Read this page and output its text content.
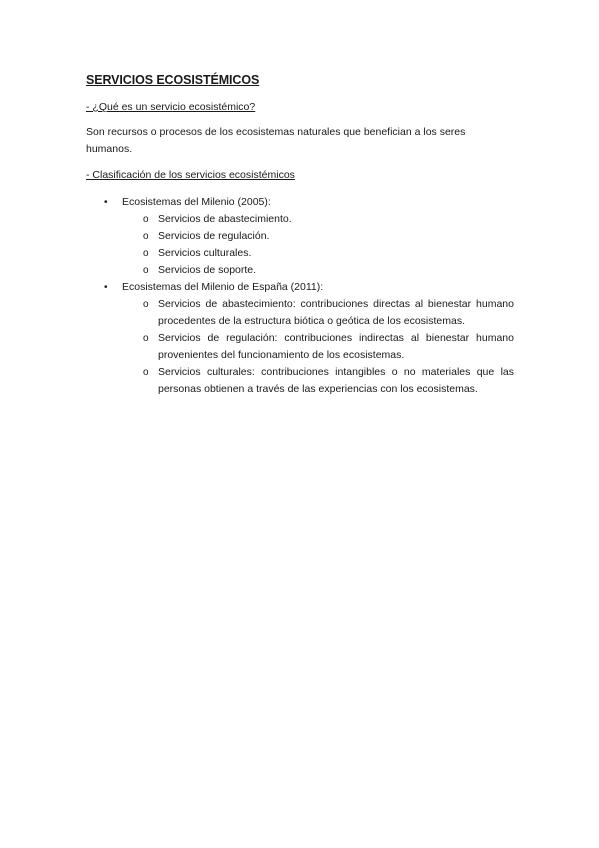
SERVICIOS ECOSISTÉMICOS

- ¿Qué es un servicio ecosistémico?

Son recursos o procesos de los ecosistemas naturales que benefician a los seres humanos.

- Clasificación de los servicios ecosistémicos

• Ecosistemas del Milenio (2005):
o Servicios de abastecimiento.
o Servicios de regulación.
o Servicios culturales.
o Servicios de soporte.
• Ecosistemas del Milenio de España (2011):
o Servicios de abastecimiento: contribuciones directas al bienestar humano procedentes de la estructura biótica o geótica de los ecosistemas.
o Servicios de regulación: contribuciones indirectas al bienestar humano provenientes del funcionamiento de los ecosistemas.
o Servicios culturales: contribuciones intangibles o no materiales que las personas obtienen a través de las experiencias con los ecosistemas.
